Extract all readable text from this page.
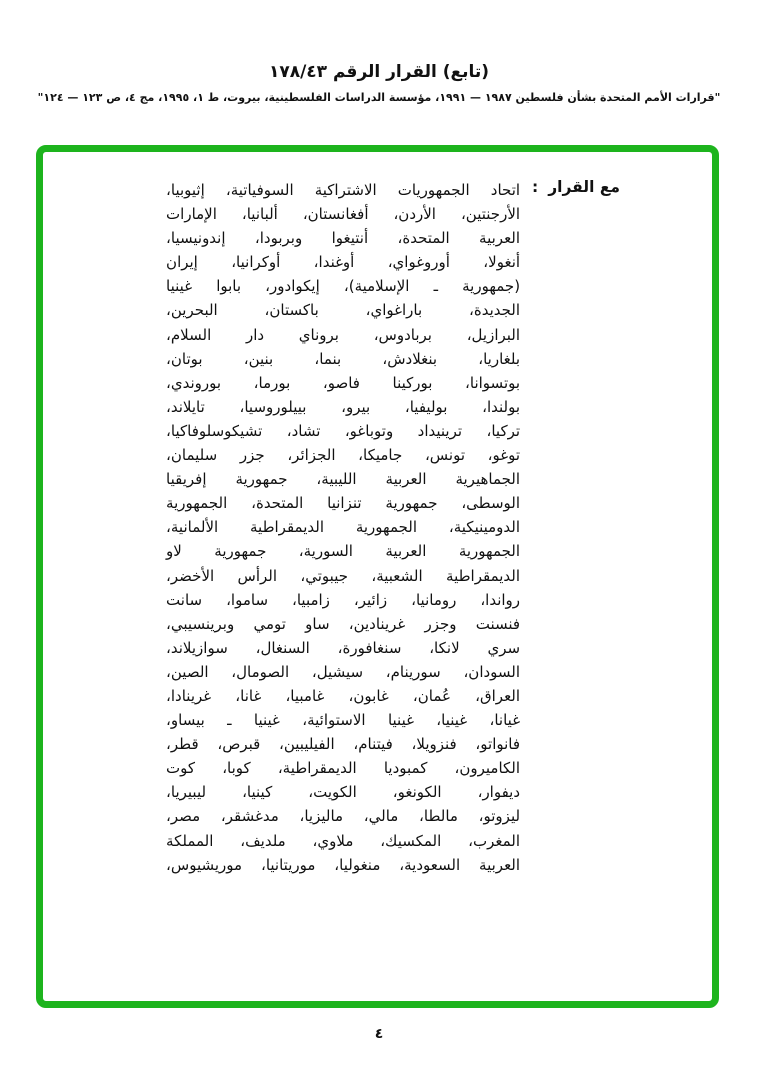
(تابع) القرار الرقم ١٧٨/٤٣
"قرارات الأمم المتحدة بشأن فلسطين ١٩٨٧ — ١٩٩١، مؤسسة الدراسات الفلسطينية، بيروت، ط ١، ١٩٩٥، مج ٤، ص ١٢٣ — ١٢٤"
مع القرار
:
اتحاد الجمهوريات الاشتراكية السوفياتية، إثيوبيا،
الأرجنتين، الأردن، أفغانستان، ألبانيا، الإمارات
العربية المتحدة، أنتيغوا وبربودا، إندونيسيا،
أنغولا، أوروغواي، أوغندا، أوكرانيا، إيران
(جمهورية ـ الإسلامية)، إيكوادور، بابوا غينيا
الجديدة، باراغواي، باكستان، البحرين،
البرازيل، بربادوس، بروناي دار السلام،
بلغاريا، بنغلادش، بنما، بنين، بوتان،
بوتسوانا، بوركينا فاصو، بورما، بوروندي،
بولندا، بوليفيا، بيرو، بييلوروسيا، تايلاند،
تركيا، ترينيداد وتوباغو، تشاد، تشيكوسلوفاكيا،
توغو، تونس، جاميكا، الجزائر، جزر سليمان،
الجماهيرية العربية الليبية، جمهورية إفريقيا
الوسطى، جمهورية تنزانيا المتحدة، الجمهورية
الدومينيكية، الجمهورية الديمقراطية الألمانية،
الجمهورية العربية السورية، جمهورية لاو
الديمقراطية الشعبية، جيبوتي، الرأس الأخضر،
رواندا، رومانيا، زائير، زامبيا، ساموا، سانت
فنسنت وجزر غرينادين، ساو تومي وبرينسيبي،
سري لانكا، سنغافورة، السنغال، سوازيلاند،
السودان، سورينام، سيشيل، الصومال، الصين،
العراق، عُمان، غابون، غامبيا، غانا، غرينادا،
غيانا، غينيا، غينيا الاستوائية، غينيا ـ بيساو،
فانواتو، فنزويلا، فيتنام، الفيليبين، قبرص، قطر،
الكاميرون، كمبوديا الديمقراطية، كوبا، كوت
ديفوار، الكونغو، الكويت، كينيا، ليبيريا،
ليزوتو، مالطا، مالي، ماليزيا، مدغشقر، مصر،
المغرب، المكسيك، ملاوي، ملديف، المملكة
العربية السعودية، منغوليا، موريتانيا، موريشيوس،
٤
